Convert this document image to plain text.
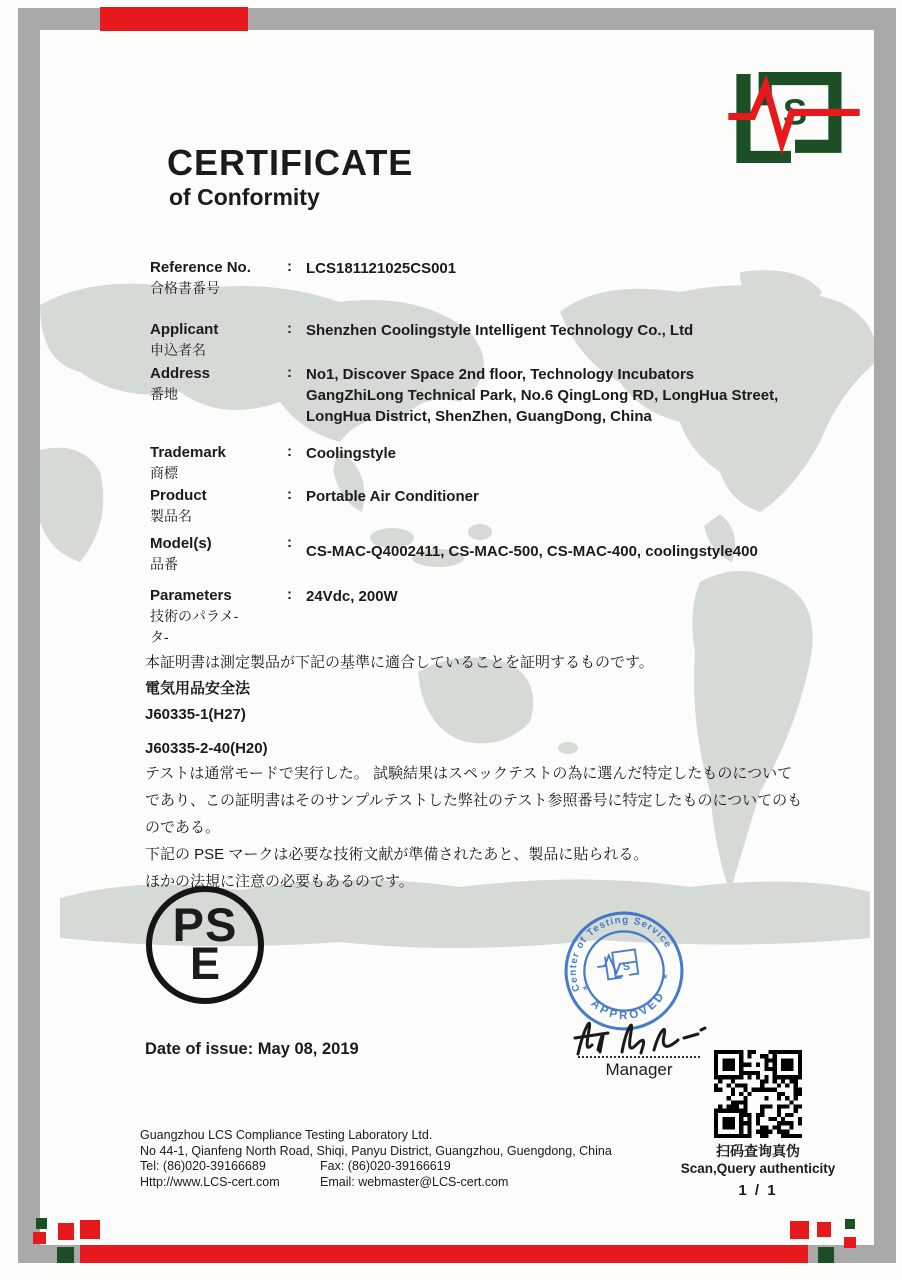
S
CERTIFICATE
of Conformity
Reference No.
合格書番号
: LCS181121025CS001
Applicant
申込者名
: Shenzhen Coolingstyle Intelligent Technology Co., Ltd
Address
番地
: No1, Discover Space 2nd floor, Technology Incubators
GangZhiLong Technical Park, No.6 QingLong RD, LongHua Street,
LongHua District, ShenZhen, GuangDong, China
Trademark
商標
: Coolingstyle
Product
製品名
: Portable Air Conditioner
Model(s)
品番
:
CS-MAC-Q4002411, CS-MAC-500, CS-MAC-400, coolingstyle400
Parameters
技術のパラメ-
タ-
: 24Vdc, 200W
本証明書は測定製品が下記の基準に適合していることを証明するものです。
電気用品安全法
J60335-1(H27)
J60335-2-40(H20)
テストは通常モードで実行した。 試験結果はスペックテストの為に選んだ特定したものについてであり、この証明書はそのサンプルテストした弊社のテスト参照番号に特定したものについてのものである。
下記の PSE マークは必要な技術文献が準備されたあと、製品に貼られる。
ほかの法規に注意の必要もあるのです。
PS
E	Center of Testing Service
APPROVED
*
*
S
Manager
Date of issue: May 08, 2019
Guangzhou LCS Compliance Testing Laboratory Ltd.
No 44-1, Qianfeng North Road, Shiqi, Panyu District, Guangzhou, Guengdong, China
Tel: (86)020-39166689	Fax: (86)020-39166619
Http://www.LCS-cert.com	Email: webmaster@LCS-cert.com
扫码查询真伪
Scan,Query authenticity
1 / 1
